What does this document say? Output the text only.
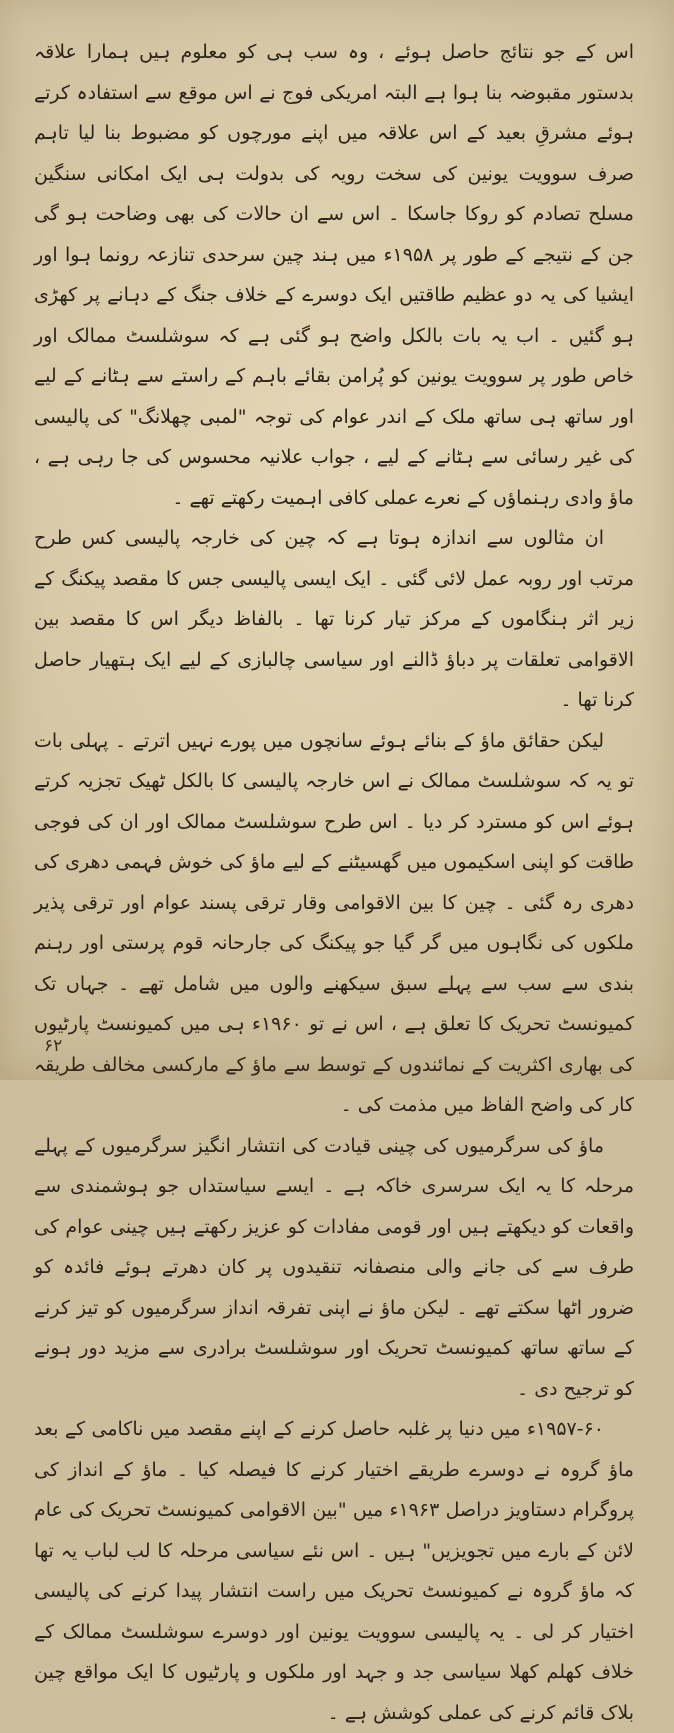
اس کے جو نتائج حاصل ہوئے ، وہ سب ہی کو معلوم ہیں ہمارا علاقہ بدستور مقبوضہ بنا ہوا ہے البتہ امریکی فوج نے اس موقع سے استفادہ کرتے ہوئے مشرقِ بعید کے اس علاقہ میں اپنے مورچوں کو مضبوط بنا لیا تاہم صرف سوویت یونین کی سخت رویہ کی بدولت ہی ایک امکانی سنگین مسلح تصادم کو روکا جاسکا ۔ اس سے ان حالات کی بھی وضاحت ہو گی جن کے نتیجے کے طور پر ۱۹۵۸ء میں ہند چین سرحدی تنازعہ رونما ہوا اور ایشیا کی یہ دو عظیم طاقتیں ایک دوسرے کے خلاف جنگ کے دہانے پر کھڑی ہو گئیں ۔ اب یہ بات بالکل واضح ہو گئی ہے کہ سوشلسٹ ممالک اور خاص طور پر سوویت یونین کو پُرامن بقائے باہم کے راستے سے ہٹانے کے لیے اور ساتھ ہی ساتھ ملک کے اندر عوام کی توجہ "لمبی چھلانگ" کی پالیسی کی غیر رسائی سے ہٹانے کے لیے ، جواب علانیہ محسوس کی جا رہی ہے ، ماؤ وادی رہنماؤں کے نعرے عملی کافی اہمیت رکھتے تھے ۔

ان مثالوں سے اندازہ ہوتا ہے کہ چین کی خارجہ پالیسی کس طرح مرتب اور روبہ عمل لائی گئی ۔ ایک ایسی پالیسی جس کا مقصد پیکنگ کے زیر اثر ہنگاموں کے مرکز تیار کرنا تھا ۔ بالفاظ دیگر اس کا مقصد بین الاقوامی تعلقات پر دباؤ ڈالنے اور سیاسی چالبازی کے لیے ایک ہتھیار حاصل کرنا تھا ۔

لیکن حقائق ماؤ کے بنائے ہوئے سانچوں میں پورے نہیں اترتے ۔ پہلی بات تو یہ کہ سوشلسٹ ممالک نے اس خارجہ پالیسی کا بالکل ٹھیک تجزیہ کرتے ہوئے اس کو مسترد کر دیا ۔ اس طرح سوشلسٹ ممالک اور ان کی فوجی طاقت کو اپنی اسکیموں میں گھسیٹنے کے لیے ماؤ کی خوش فہمی دھری کی دھری رہ گئی ۔ چین کا بین الاقوامی وقار ترقی پسند عوام اور ترقی پذیر ملکوں کی نگاہوں میں گر گیا جو پیکنگ کی جارحانہ قوم پرستی اور رہنم بندی سے سب سے پہلے سبق سیکھنے والوں میں شامل تھے ۔ جہاں تک کمیونسٹ تحریک کا تعلق ہے ، اس نے تو ۱۹۶۰ء ہی میں کمیونسٹ پارٹیوں کی بھاری اکثریت کے نمائندوں کے توسط سے ماؤ کے مارکسی مخالف طریقہ کار کی واضح الفاظ میں مذمت کی ۔

ماؤ کی سرگرمیوں کی چینی قیادت کی انتشار انگیز سرگرمیوں کے پہلے مرحلہ کا یہ ایک سرسری خاکہ ہے ۔ ایسے سیاستداں جو ہوشمندی سے واقعات کو دیکھتے ہیں اور قومی مفادات کو عزیز رکھتے ہیں چینی عوام کی طرف سے کی جانے والی منصفانہ تنقیدوں پر کان دھرتے ہوئے فائدہ کو ضرور اٹھا سکتے تھے ۔ لیکن ماؤ نے اپنی تفرقہ انداز سرگرمیوں کو تیز کرنے کے ساتھ ساتھ کمیونسٹ تحریک اور سوشلسٹ برادری سے مزید دور ہونے کو ترجیح دی ۔

۱۹۵۷-۶۰ء میں دنیا پر غلبہ حاصل کرنے کے اپنے مقصد میں ناکامی کے بعد ماؤ گروہ نے دوسرے طریقے اختیار کرنے کا فیصلہ کیا ۔ ماؤ کے انداز کی پروگرام دستاویز دراصل ۱۹۶۳ء میں "بین الاقوامی کمیونسٹ تحریک کی عام لائن کے بارے میں تجویزیں" ہیں ۔ اس نئے سیاسی مرحلہ کا لب لباب یہ تھا کہ ماؤ گروہ نے کمیونسٹ تحریک میں راست انتشار پیدا کرنے کی پالیسی اختیار کر لی ۔ یہ پالیسی سوویت یونین اور دوسرے سوشلسٹ ممالک کے خلاف کھلم کھلا سیاسی جد و جہد اور ملکوں و پارٹیوں کا ایک مواقع چین بلاک قائم کرنے کی عملی کوشش ہے ۔

۶۲
